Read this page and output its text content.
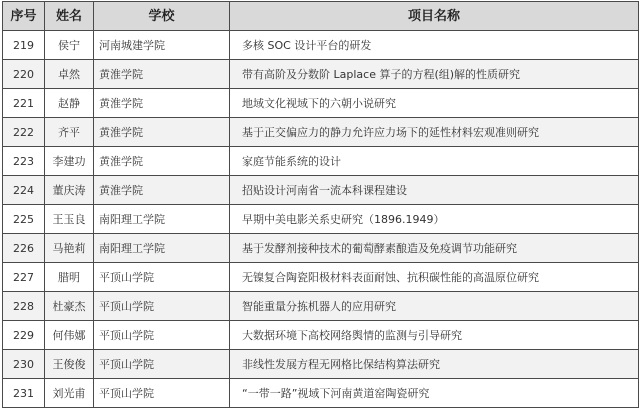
序号	姓名	学校	项目名称
219	侯宁	河南城建学院	多核 SOC 设计平台的研发
220	卓然	黄淮学院	带有高阶及分数阶 Laplace 算子的方程(组)解的性质研究
221	赵静	黄淮学院	地域文化视域下的六朝小说研究
222	齐平	黄淮学院	基于正交偏应力的静力允许应力场下的延性材料宏观准则研究
223	李建功	黄淮学院	家庭节能系统的设计
224	董庆涛	黄淮学院	招贴设计河南省一流本科课程建设
225	王玉良	南阳理工学院	早期中美电影关系史研究（1896.1949）
226	马艳莉	南阳理工学院	基于发酵剂接种技术的葡萄酵素酿造及免疫调节功能研究
227	腊明	平顶山学院	无镍复合陶瓷阳极材料表面耐蚀、抗积碳性能的高温原位研究
228	杜豪杰	平顶山学院	智能重量分拣机器人的应用研究
229	何伟娜	平顶山学院	大数据环境下高校网络舆情的监测与引导研究
230	王俊俊	平顶山学院	非线性发展方程无网格比保结构算法研究
231	刘光甫	平顶山学院	“一带一路”视域下河南黄道窑陶瓷研究
